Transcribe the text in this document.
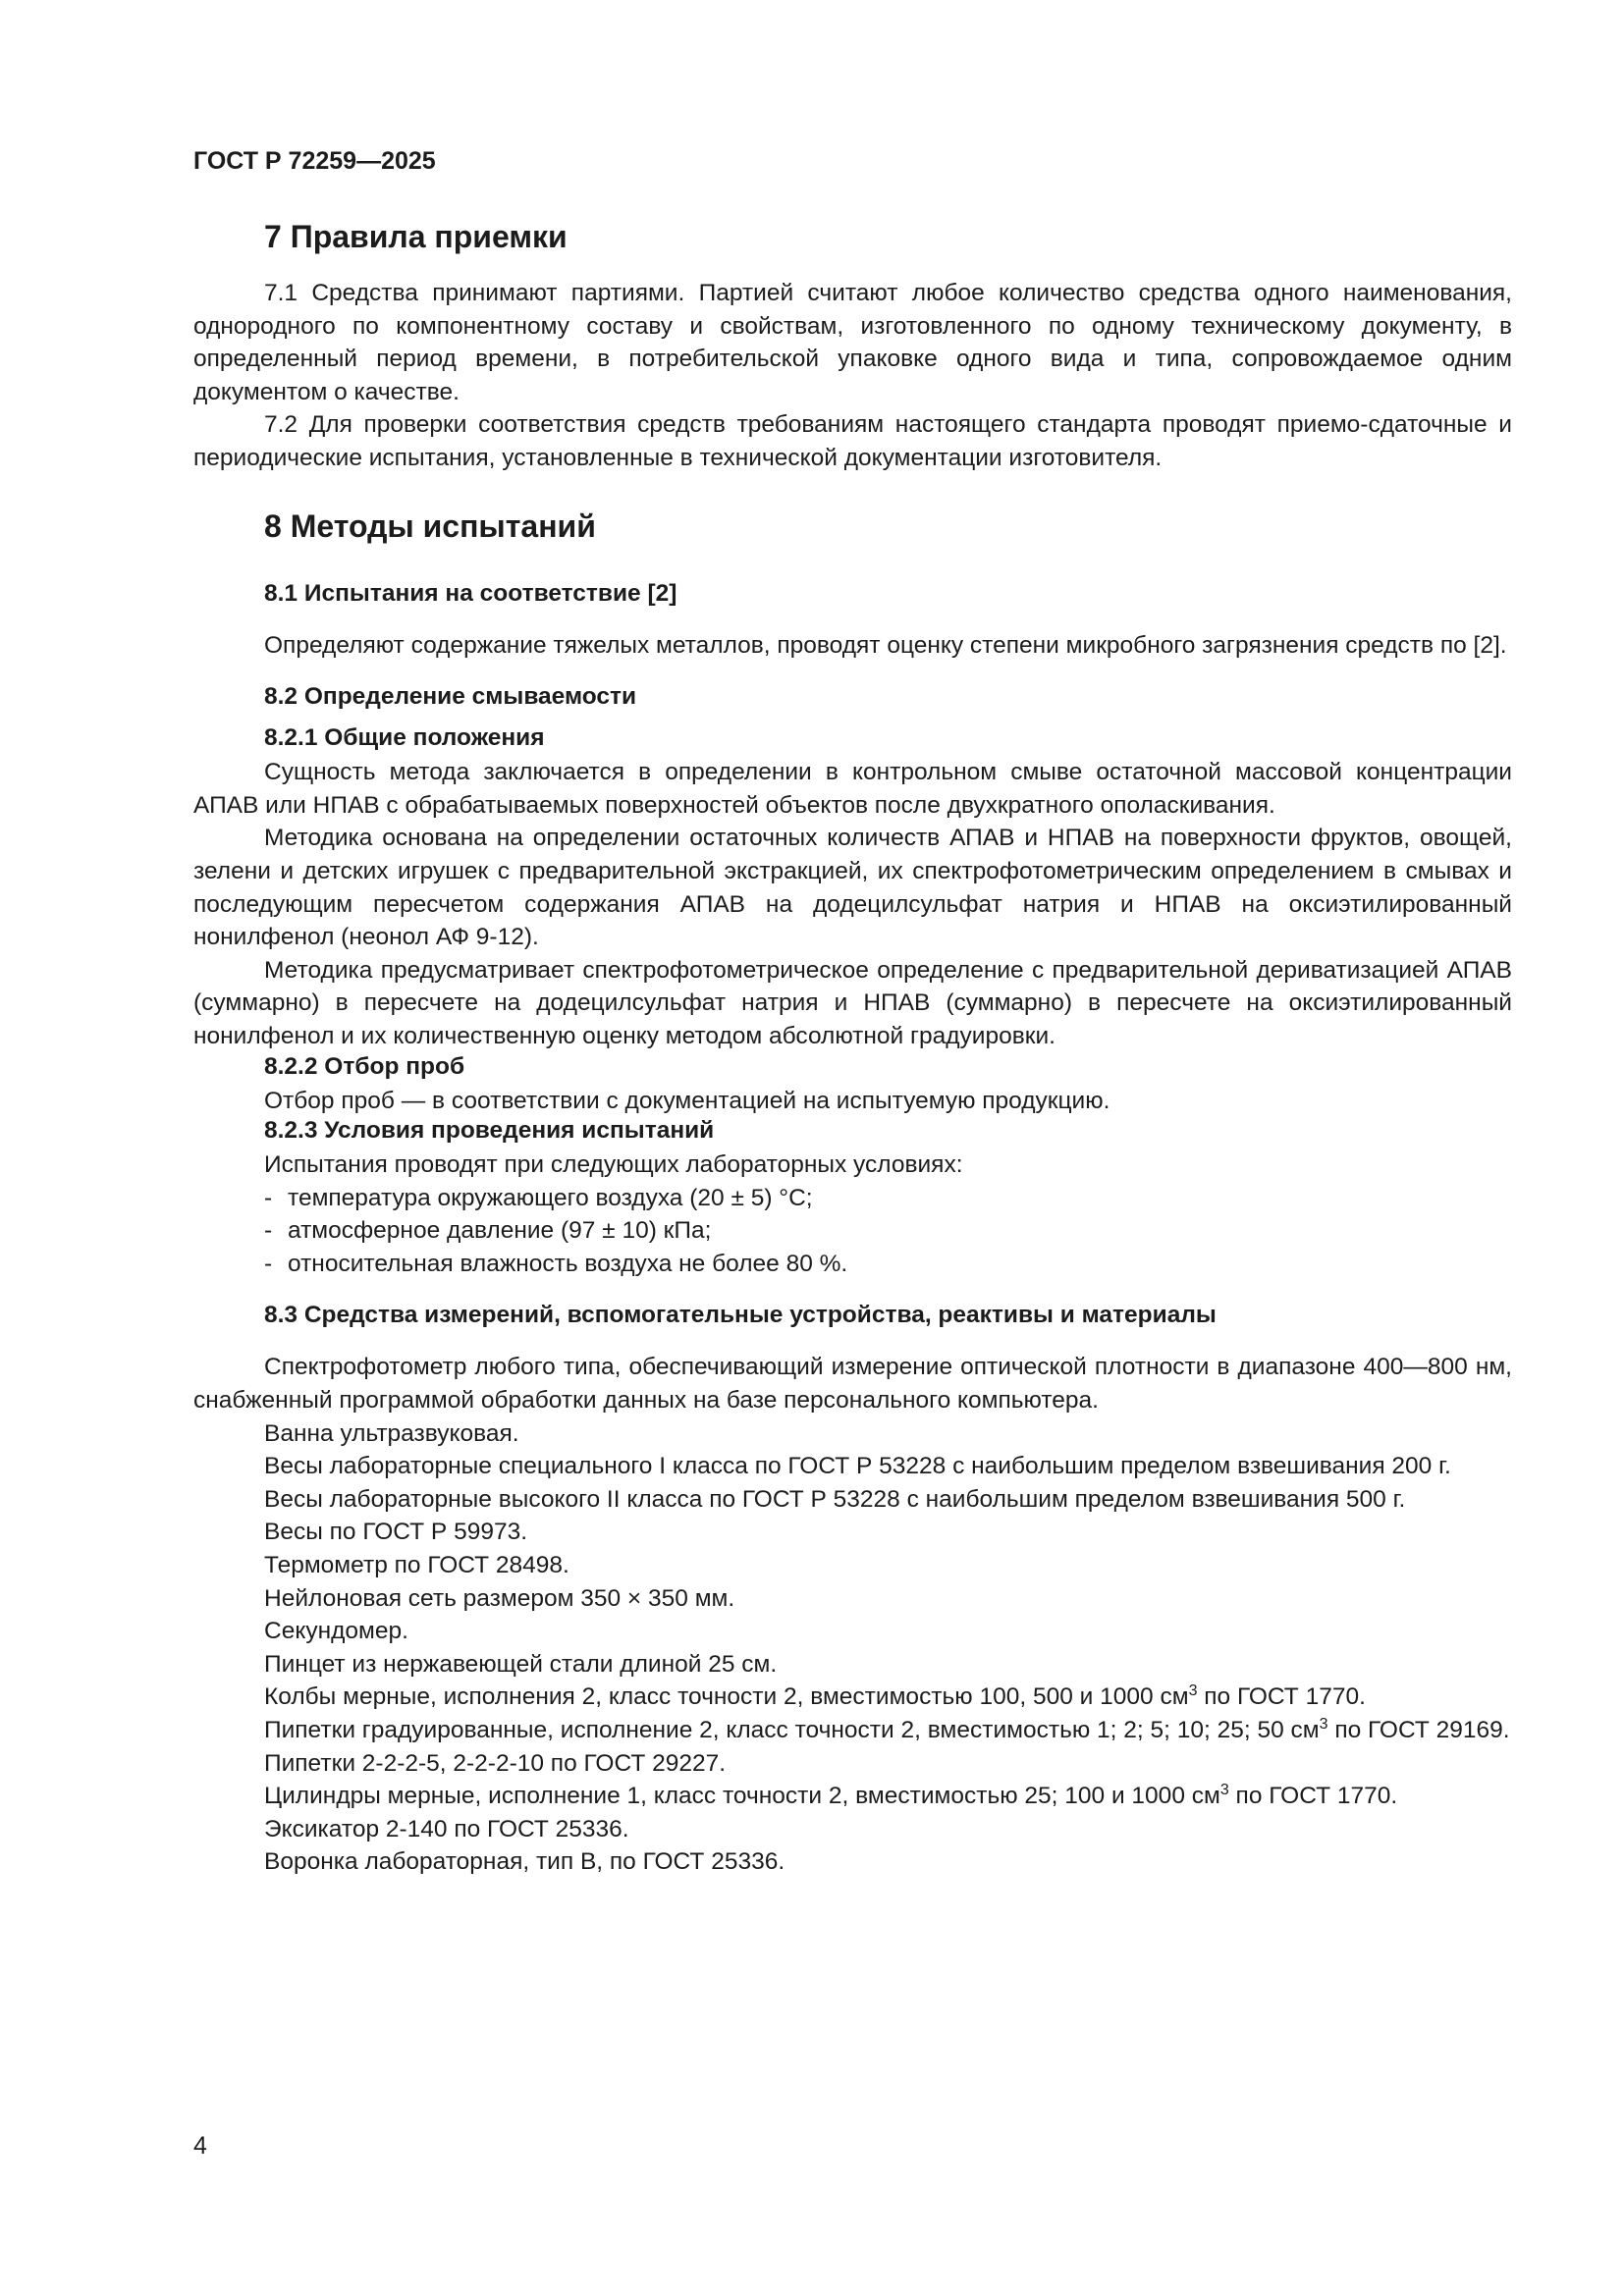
ГОСТ Р 72259—2025
7 Правила приемки

7.1 Средства принимают партиями. Партией считают любое количество средства одного наименования, однородного по компонентному составу и свойствам, изготовленного по одному техническому документу, в определенный период времени, в потребительской упаковке одного вида и типа, сопровождаемое одним документом о качестве.

7.2 Для проверки соответствия средств требованиям настоящего стандарта проводят приемо-сдаточные и периодические испытания, установленные в технической документации изготовителя.

8 Методы испытаний
8.1 Испытания на соответствие [2]

Определяют содержание тяжелых металлов, проводят оценку степени микробного загрязнения средств по [2].

8.2 Определение смываемости
8.2.1 Общие положения

Сущность метода заключается в определении в контрольном смыве остаточной массовой концентрации АПАВ или НПАВ с обрабатываемых поверхностей объектов после двухкратного ополаскивания.

Методика основана на определении остаточных количеств АПАВ и НПАВ на поверхности фруктов, овощей, зелени и детских игрушек с предварительной экстракцией, их спектрофотометрическим определением в смывах и последующим пересчетом содержания АПАВ на додецилсульфат натрия и НПАВ на оксиэтилированный нонилфенол (неонол АФ 9-12).

Методика предусматривает спектрофотометрическое определение с предварительной дериватизацией АПАВ (суммарно) в пересчете на додецилсульфат натрия и НПАВ (суммарно) в пересчете на оксиэтилированный нонилфенол и их количественную оценку методом абсолютной градуировки.

8.2.2 Отбор проб

Отбор проб — в соответствии с документацией на испытуемую продукцию.

8.2.3 Условия проведения испытаний

Испытания проводят при следующих лабораторных условиях:

- температура окружающего воздуха (20 ± 5) °C;
- атмосферное давление (97 ± 10) кПа;
- относительная влажность воздуха не более 80 %.
8.3 Средства измерений, вспомогательные устройства, реактивы и материалы

Спектрофотометр любого типа, обеспечивающий измерение оптической плотности в диапазоне 400—800 нм, снабженный программой обработки данных на базе персонального компьютера.

Ванна ультразвуковая.

Весы лабораторные специального I класса по ГОСТ Р 53228 с наибольшим пределом взвешивания 200 г.

Весы лабораторные высокого II класса по ГОСТ Р 53228 с наибольшим пределом взвешивания 500 г.

Весы по ГОСТ Р 59973.

Термометр по ГОСТ 28498.

Нейлоновая сеть размером 350 × 350 мм.

Секундомер.

Пинцет из нержавеющей стали длиной 25 см.

Колбы мерные, исполнения 2, класс точности 2, вместимостью 100, 500 и 1000 $см^3$ по ГОСТ 1770.

Пипетки градуированные, исполнение 2, класс точности 2, вместимостью 1; 2; 5; 10; 25; 50 $см^3$ по ГОСТ 29169.

Пипетки 2-2-2-5, 2-2-2-10 по ГОСТ 29227.

Цилиндры мерные, исполнение 1, класс точности 2, вместимостью 25; 100 и 1000 $см^3$ по ГОСТ 1770.

Эксикатор 2-140 по ГОСТ 25336.

Воронка лабораторная, тип В, по ГОСТ 25336.

4
